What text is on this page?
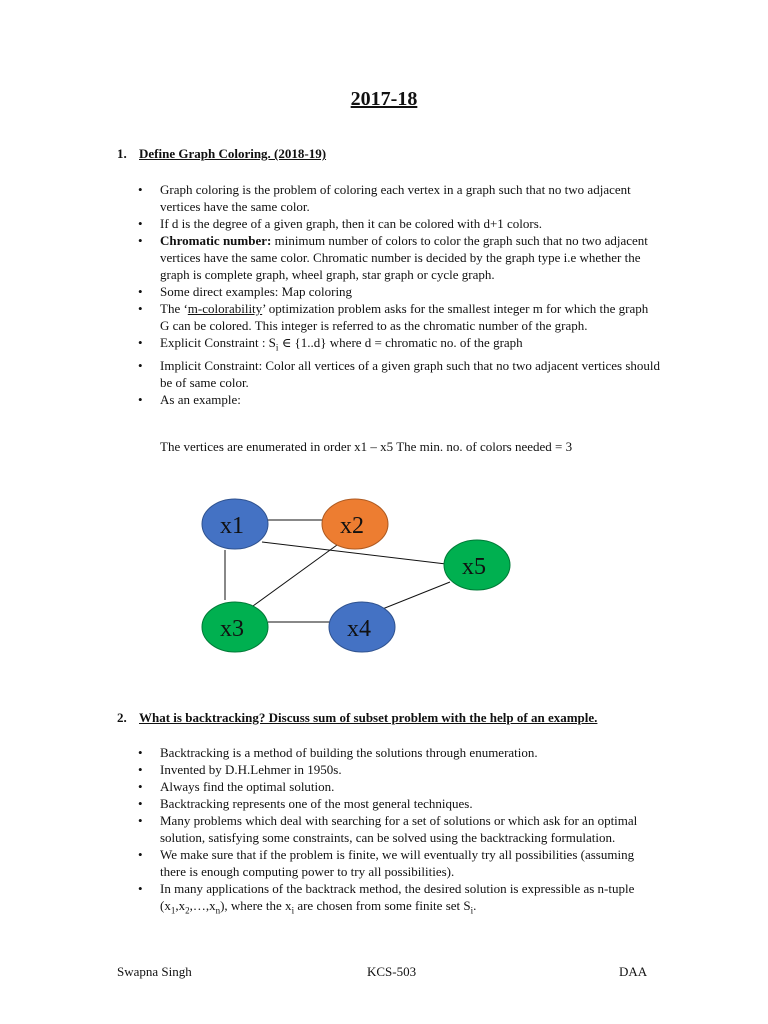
2017-18
1. Define Graph Coloring. (2018-19)
• Graph coloring is the problem of coloring each vertex in a graph such that no two adjacent vertices have the same color.
• If d is the degree of a given graph, then it can be colored with d+1 colors.
• Chromatic number: minimum number of colors to color the graph such that no two adjacent vertices have the same color. Chromatic number is decided by the graph type i.e whether the graph is complete graph, wheel graph, star graph or cycle graph.
• Some direct examples: Map coloring
• The ‘m-colorability’ optimization problem asks for the smallest integer m for which the graph G can be colored. This integer is referred to as the chromatic number of the graph.
• Explicit Constraint : $S_i$ ∈ {1..d} where d = chromatic no. of the graph
• Implicit Constraint: Color all vertices of a given graph such that no two adjacent vertices should be of same color.
• As an example:
The vertices are enumerated in order x1 – x5 The min. no. of colors needed = 3
x1	x2
x3	x4
x5
2. What is backtracking? Discuss sum of subset problem with the help of an example.
• Backtracking is a method of building the solutions through enumeration.
• Invented by D.H.Lehmer in 1950s.
• Always find the optimal solution.
• Backtracking represents one of the most general techniques.
• Many problems which deal with searching for a set of solutions or which ask for an optimal solution, satisfying some constraints, can be solved using the backtracking formulation.
• We make sure that if the problem is finite, we will eventually try all possibilities (assuming there is enough computing power to try all possibilities).
• In many applications of the backtrack method, the desired solution is expressible as n-tuple $(x_1,x_2,\dots,x_n)$, where the $x_i$ are chosen from some finite set $S_i$.
Swapna Singh	KCS-503	DAA
